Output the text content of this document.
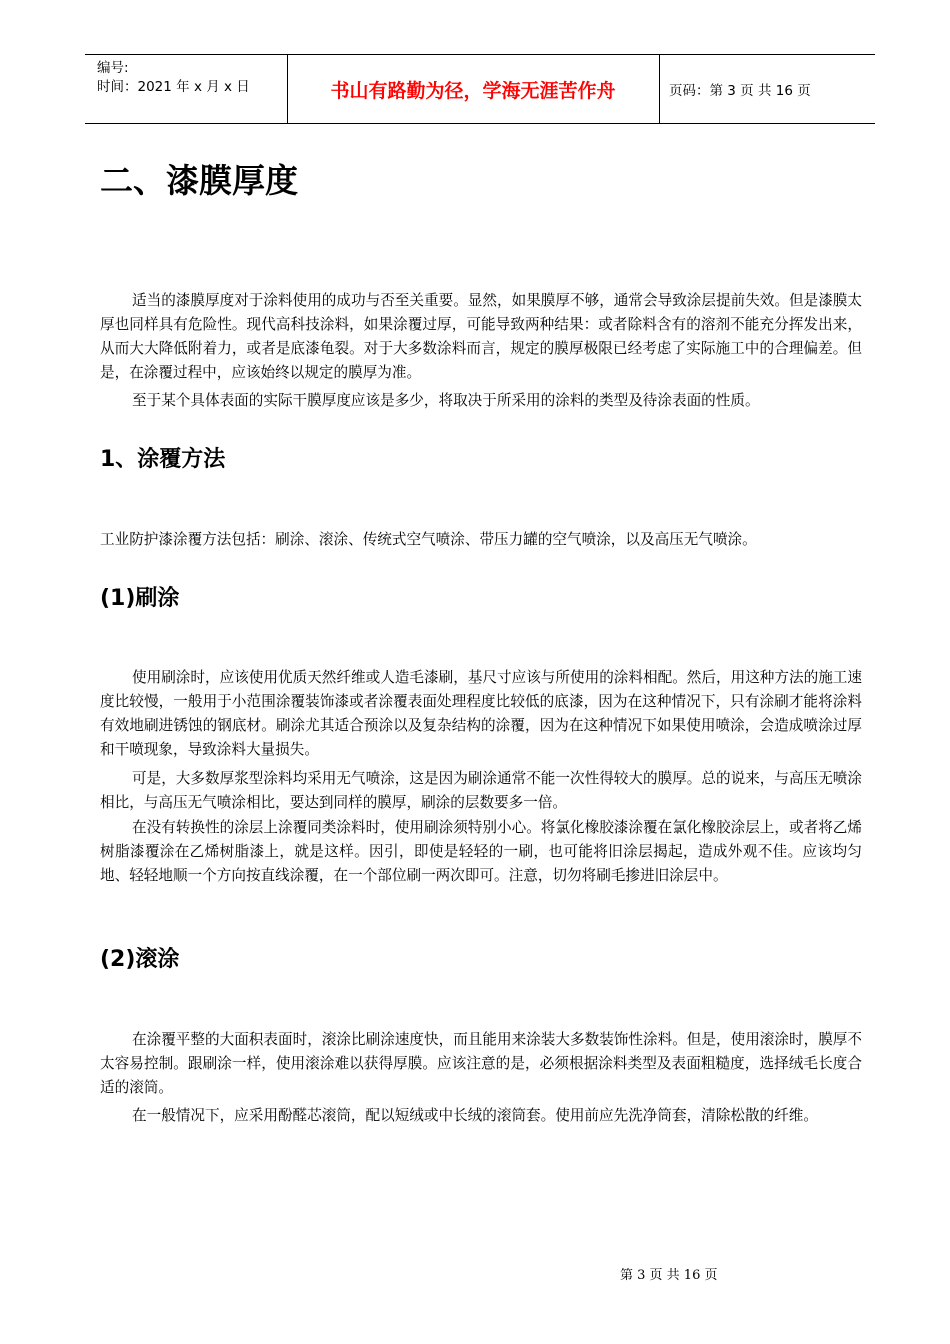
编号:
时间：2021 年 x 月 x 日	书山有路勤为径，学海无涯苦作舟	页码：第 3 页 共 16 页
二、漆膜厚度

适当的漆膜厚度对于涂料使用的成功与否至关重要。显然，如果膜厚不够，通常会导致涂层提前失效。但是漆膜太厚也同样具有危险性。现代高科技涂料，如果涂覆过厚，可能导致两种结果：或者除料含有的溶剂不能充分挥发出来，从而大大降低附着力，或者是底漆龟裂。对于大多数涂料而言，规定的膜厚极限已经考虑了实际施工中的合理偏差。但是，在涂覆过程中，应该始终以规定的膜厚为准。

至于某个具体表面的实际干膜厚度应该是多少，将取决于所采用的涂料的类型及待涂表面的性质。

1、涂覆方法

工业防护漆涂覆方法包括：刷涂、滚涂、传统式空气喷涂、带压力罐的空气喷涂，以及高压无气喷涂。

(1)刷涂

使用刷涂时，应该使用优质天然纤维或人造毛漆刷，基尺寸应该与所使用的涂料相配。然后，用这种方法的施工速度比较慢，一般用于小范围涂覆装饰漆或者涂覆表面处理程度比较低的底漆，因为在这种情况下，只有涂刷才能将涂料有效地刷进锈蚀的钢底材。刷涂尤其适合预涂以及复杂结构的涂覆，因为在这种情况下如果使用喷涂，会造成喷涂过厚和干喷现象，导致涂料大量损失。

可是，大多数厚浆型涂料均采用无气喷涂，这是因为刷涂通常不能一次性得较大的膜厚。总的说来，与高压无喷涂相比，与高压无气喷涂相比，要达到同样的膜厚，刷涂的层数要多一倍。

在没有转换性的涂层上涂覆同类涂料时，使用刷涂须特别小心。将氯化橡胶漆涂覆在氯化橡胶涂层上，或者将乙烯树脂漆覆涂在乙烯树脂漆上，就是这样。因引，即使是轻轻的一刷，也可能将旧涂层揭起，造成外观不佳。应该均匀地、轻轻地顺一个方向按直线涂覆，在一个部位刷一两次即可。注意，切勿将刷毛掺进旧涂层中。

(2)滚涂

在涂覆平整的大面积表面时，滚涂比刷涂速度快，而且能用来涂装大多数装饰性涂料。但是，使用滚涂时，膜厚不太容易控制。跟刷涂一样，使用滚涂难以获得厚膜。应该注意的是，必须根据涂料类型及表面粗糙度，选择绒毛长度合适的滚筒。

在一般情况下，应采用酚醛芯滚筒，配以短绒或中长绒的滚筒套。使用前应先洗净筒套，清除松散的纤维。

第 3 页 共 16 页
